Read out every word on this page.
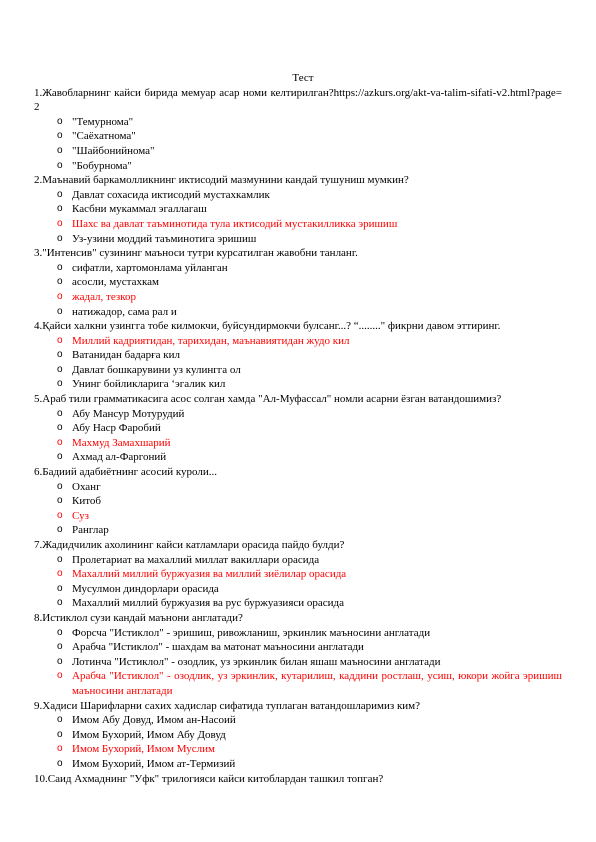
Тест

1.Жавобларнинг кайси бирида мемуар асар номи келтирилган?https://azkurs.org/akt-va-talim-sifati-v2.html?page=2

o "Темурнома"
o "Саёхатнома"
o "Шайбонийнома"
o "Бобурнома"

2.Маънавий баркамолликнинг иктисодий мазмунини кандай тушуниш мумкин?

o Давлат сохасида иктисодий мустахкамлик
o Касбни мукаммал эгаллагаш
o Шахс ва давлат таъминотида тула иктисодий мустакилликка эришиш
o Уз-узини моддий таъминотига эришиш

3."Интенсив" сузининг маъноси тутри курсатилган жавобни танланг.

o сифатли, хартомонлама уйланган
o асосли, мустахкам
o жадал, тезкор
o натижадор, сама рал и

4.Қайси халкни узингга тобе килмокчи, буйсундирмокчи булсанг...? “........" фикрни давом эттиринг.

o Миллий кадриятидан, тарихидан, маънавиятидан жудо кил
o Ватанидан бадарға кил
o Давлат бошкарувини уз кулингга ол
o Унинг бойликларига ‘эгалик кил

5.Араб тили грамматикасига асос солган хамда "Ал-Муфассал" номли асарни ёзган ватандошимиз?

o Абу Мансур Мотурудий
o Абу Наср Фаробий
o Махмуд Замахшарий
o Ахмад ал-Фаргоний

6.Бадиий адабиётнинг асосий куроли...

o Оханг
o Китоб
o Суз
o Ранглар

7.Жадидчилик ахолининг кайси катламлари орасида пайдо булди?

o Пролетариат ва махаллий миллат вакиллари орасида
o Махаллий миллий буржуазия ва миллий зиёлилар орасида
o Мусулмон диндорлари орасида
o Махаллий миллий буржуазия ва рус буржуазияси орасида

8.Истиклол сузи кандай маънони англатади?

o Форсча "Истиклол" - эришиш, ривожланиш, эркинлик маъносини англатади
o Арабча "Истиклол" - шахдам ва матонат маъносини англатади
o Лотинча "Истиклол" - озодлик, уз эркинлик билан яшаш маъносини англатади
o Арабча "Истиклол" - озодлик, уз эркинлик, кутарилиш, каддини ростлаш, усиш, юкори жойга эришиш маъносини англатади

9.Хадиси Шарифларни сахих хадислар сифатида туплаган ватандошларимиз ким?

o Имом Абу Довуд, Имом ан-Насоий
o Имом Бухорий, Имом Абу Довуд
o Имом Бухорий, Имом Муслим
o Имом Бухорий, Имом ат-Термизий

10.Саид Ахмаднинг "Уфк" трилогияси кайси китоблардан ташкил топган?
